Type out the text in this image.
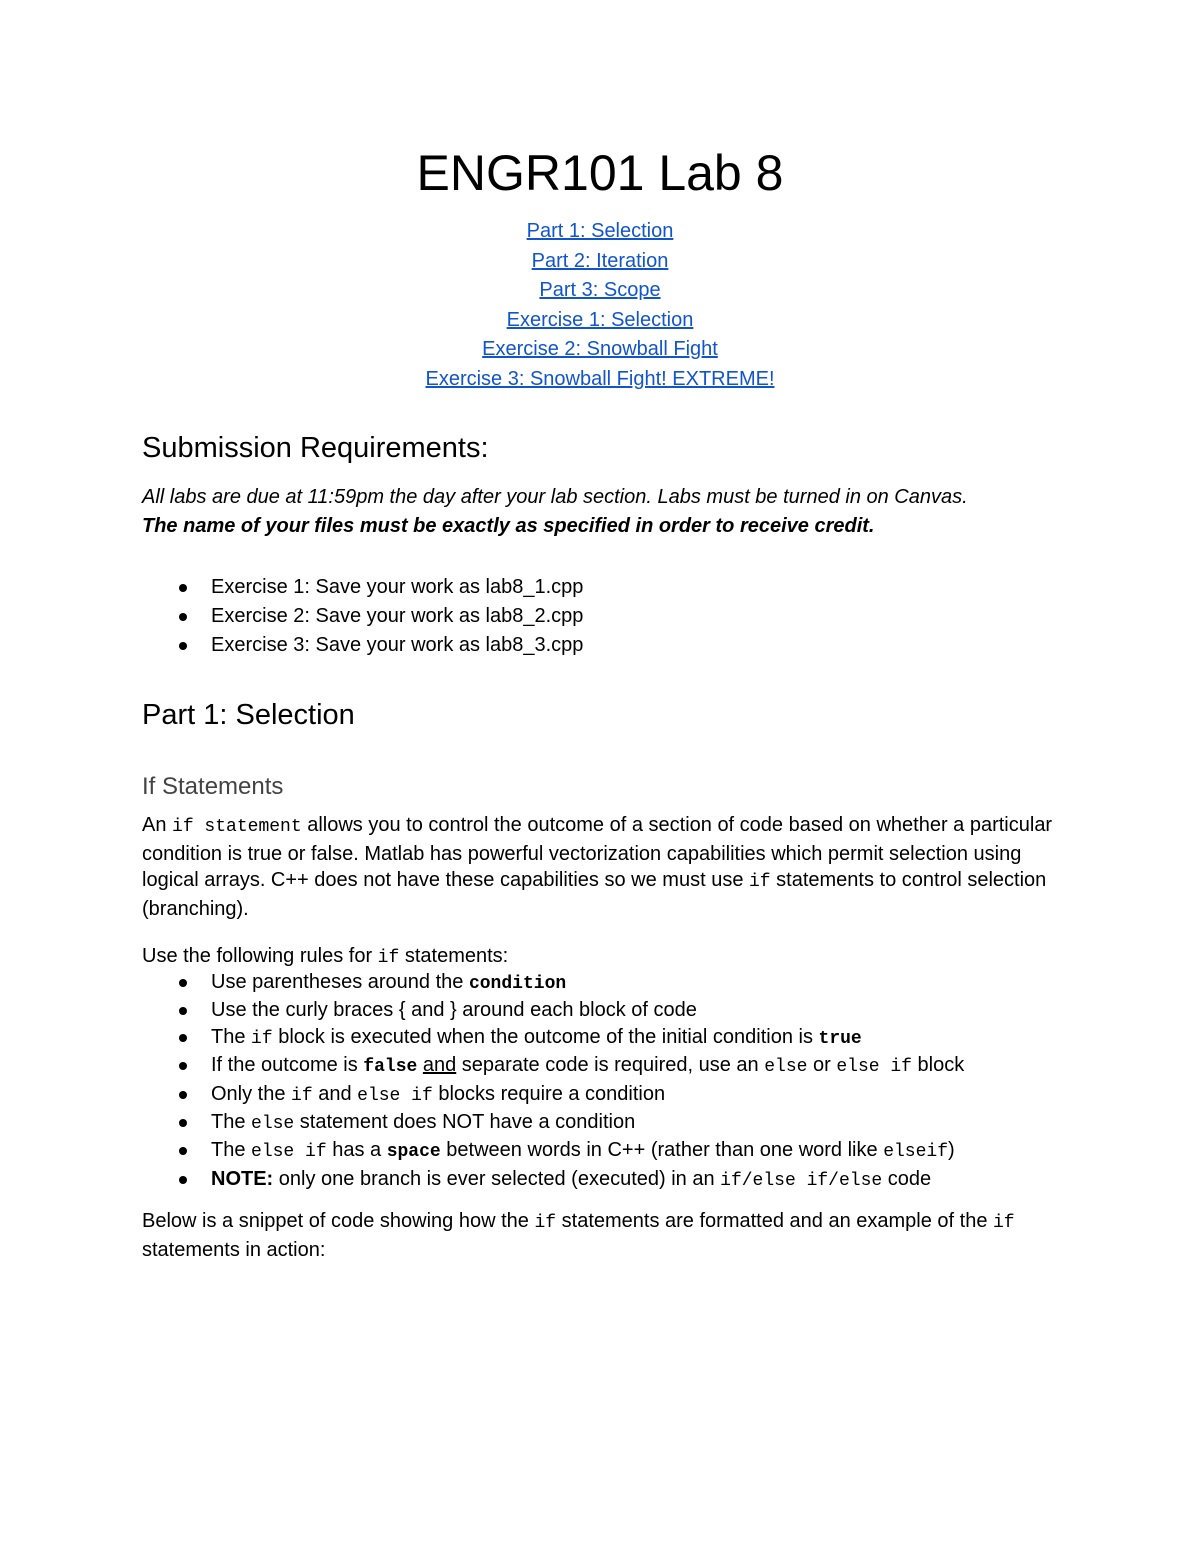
ENGR101 Lab 8
Part 1: Selection
Part 2: Iteration
Part 3: Scope
Exercise 1: Selection
Exercise 2: Snowball Fight
Exercise 3: Snowball Fight! EXTREME!
Submission Requirements:

All labs are due at 11:59pm the day after your lab section. Labs must be turned in on Canvas.

The name of your files must be exactly as specified in order to receive credit.

Exercise 1: Save your work as lab8_1.cpp
Exercise 2: Save your work as lab8_2.cpp
Exercise 3: Save your work as lab8_3.cpp
Part 1: Selection
If Statements

An if statement allows you to control the outcome of a section of code based on whether a particular condition is true or false. Matlab has powerful vectorization capabilities which permit selection using logical arrays. C++ does not have these capabilities so we must use if statements to control selection (branching).

Use the following rules for if statements:

Use parentheses around the condition
Use the curly braces { and } around each block of code
The if block is executed when the outcome of the initial condition is true
If the outcome is false and separate code is required, use an else or else if block
Only the if and else if blocks require a condition
The else statement does NOT have a condition
The else if has a space between words in C++ (rather than one word like elseif)
NOTE: only one branch is ever selected (executed) in an if/else if/else code

Below is a snippet of code showing how the if statements are formatted and an example of the if statements in action:
